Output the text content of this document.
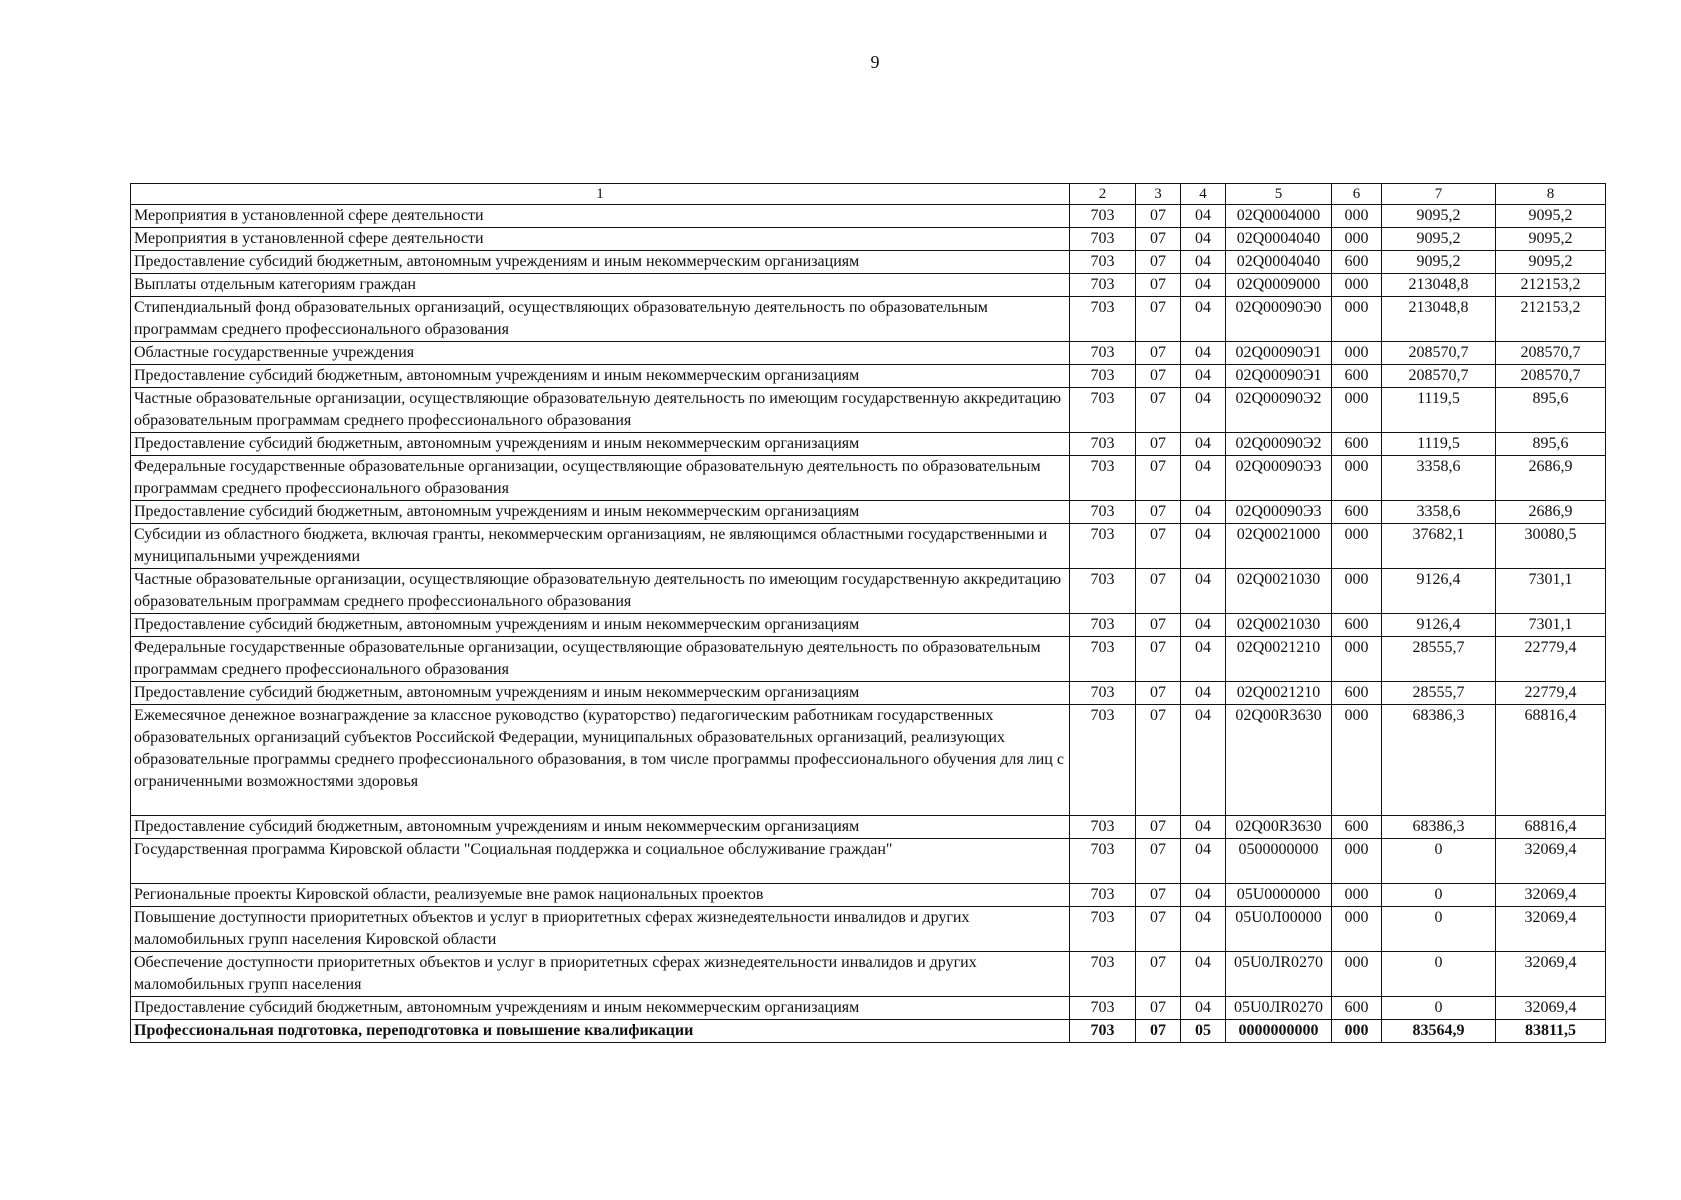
9
1	2	3	4	5	6	7	8
Мероприятия в установленной сфере деятельности	703	07	04	02Q0004000	000	9095,2	9095,2
Мероприятия в установленной сфере деятельности	703	07	04	02Q0004040	000	9095,2	9095,2
Предоставление субсидий бюджетным, автономным учреждениям и иным некоммерческим организациям	703	07	04	02Q0004040	600	9095,2	9095,2
Выплаты отдельным категориям граждан	703	07	04	02Q0009000	000	213048,8	212153,2
Стипендиальный фонд образовательных организаций, осуществляющих образовательную деятельность по образовательным программам среднего профессионального образования	703	07	04	02Q00090Э0	000	213048,8	212153,2
Областные государственные учреждения	703	07	04	02Q00090Э1	000	208570,7	208570,7
Предоставление субсидий бюджетным, автономным учреждениям и иным некоммерческим организациям	703	07	04	02Q00090Э1	600	208570,7	208570,7
Частные образовательные организации, осуществляющие образовательную деятельность по имеющим государственную аккредитацию образовательным программам среднего профессионального образования	703	07	04	02Q00090Э2	000	1119,5	895,6
Предоставление субсидий бюджетным, автономным учреждениям и иным некоммерческим организациям	703	07	04	02Q00090Э2	600	1119,5	895,6
Федеральные государственные образовательные организации, осуществляющие образовательную деятельность по образовательным программам среднего профессионального образования	703	07	04	02Q00090Э3	000	3358,6	2686,9
Предоставление субсидий бюджетным, автономным учреждениям и иным некоммерческим организациям	703	07	04	02Q00090Э3	600	3358,6	2686,9
Субсидии из областного бюджета, включая гранты, некоммерческим организациям, не являющимся областными государственными и муниципальными учреждениями	703	07	04	02Q0021000	000	37682,1	30080,5
Частные образовательные организации, осуществляющие образовательную деятельность по имеющим государственную аккредитацию образовательным программам среднего профессионального образования	703	07	04	02Q0021030	000	9126,4	7301,1
Предоставление субсидий бюджетным, автономным учреждениям и иным некоммерческим организациям	703	07	04	02Q0021030	600	9126,4	7301,1
Федеральные государственные образовательные организации, осуществляющие образовательную деятельность по образовательным программам среднего профессионального образования	703	07	04	02Q0021210	000	28555,7	22779,4
Предоставление субсидий бюджетным, автономным учреждениям и иным некоммерческим организациям	703	07	04	02Q0021210	600	28555,7	22779,4
Ежемесячное денежное вознаграждение за классное руководство (кураторство) педагогическим работникам государственных образовательных организаций субъектов Российской Федерации, муниципальных образовательных организаций, реализующих образовательные программы среднего профессионального образования, в том числе программы профессионального обучения для лиц с ограниченными возможностями здоровья	703	07	04	02Q00R3630	000	68386,3	68816,4
Предоставление субсидий бюджетным, автономным учреждениям и иным некоммерческим организациям	703	07	04	02Q00R3630	600	68386,3	68816,4
Государственная программа Кировской области "Социальная поддержка и социальное обслуживание граждан"	703	07	04	0500000000	000	0	32069,4
Региональные проекты Кировской области, реализуемые вне рамок национальных проектов	703	07	04	05U0000000	000	0	32069,4
Повышение доступности приоритетных объектов и услуг в приоритетных сферах жизнедеятельности инвалидов и других маломобильных групп населения Кировской области	703	07	04	05U0Л00000	000	0	32069,4
Обеспечение доступности приоритетных объектов и услуг в приоритетных сферах жизнедеятельности инвалидов и других маломобильных групп населения	703	07	04	05U0ЛR0270	000	0	32069,4
Предоставление субсидий бюджетным, автономным учреждениям и иным некоммерческим организациям	703	07	04	05U0ЛR0270	600	0	32069,4
Профессиональная подготовка, переподготовка и повышение квалификации	703	07	05	0000000000	000	83564,9	83811,5
